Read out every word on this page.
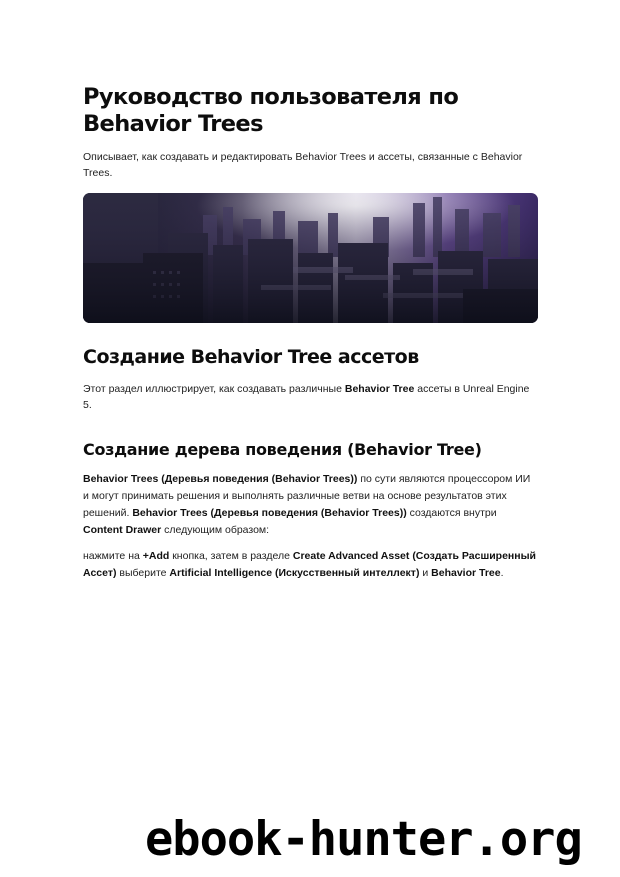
Руководство пользователя по Behavior Trees

Описывает, как создавать и редактировать Behavior Trees и ассеты, связанные с Behavior Trees.

Создание Behavior Tree ассетов

Этот раздел иллюстрирует, как создавать различные Behavior Tree ассеты в Unreal Engine 5.

Создание дерева поведения (Behavior Tree)

Behavior Trees (Деревья поведения (Behavior Trees)) по сути являются процессором ИИ и могут принимать решения и выполнять различные ветви на основе результатов этих решений. Behavior Trees (Деревья поведения (Behavior Trees)) создаются внутри Content Drawer следующим образом:

нажмите на +Add кнопка, затем в разделе Create Advanced Asset (Создать Расширенный Ассет) выберите Artificial Intelligence (Искусственный интеллект) и Behavior Tree.

ebook-hunter.org
